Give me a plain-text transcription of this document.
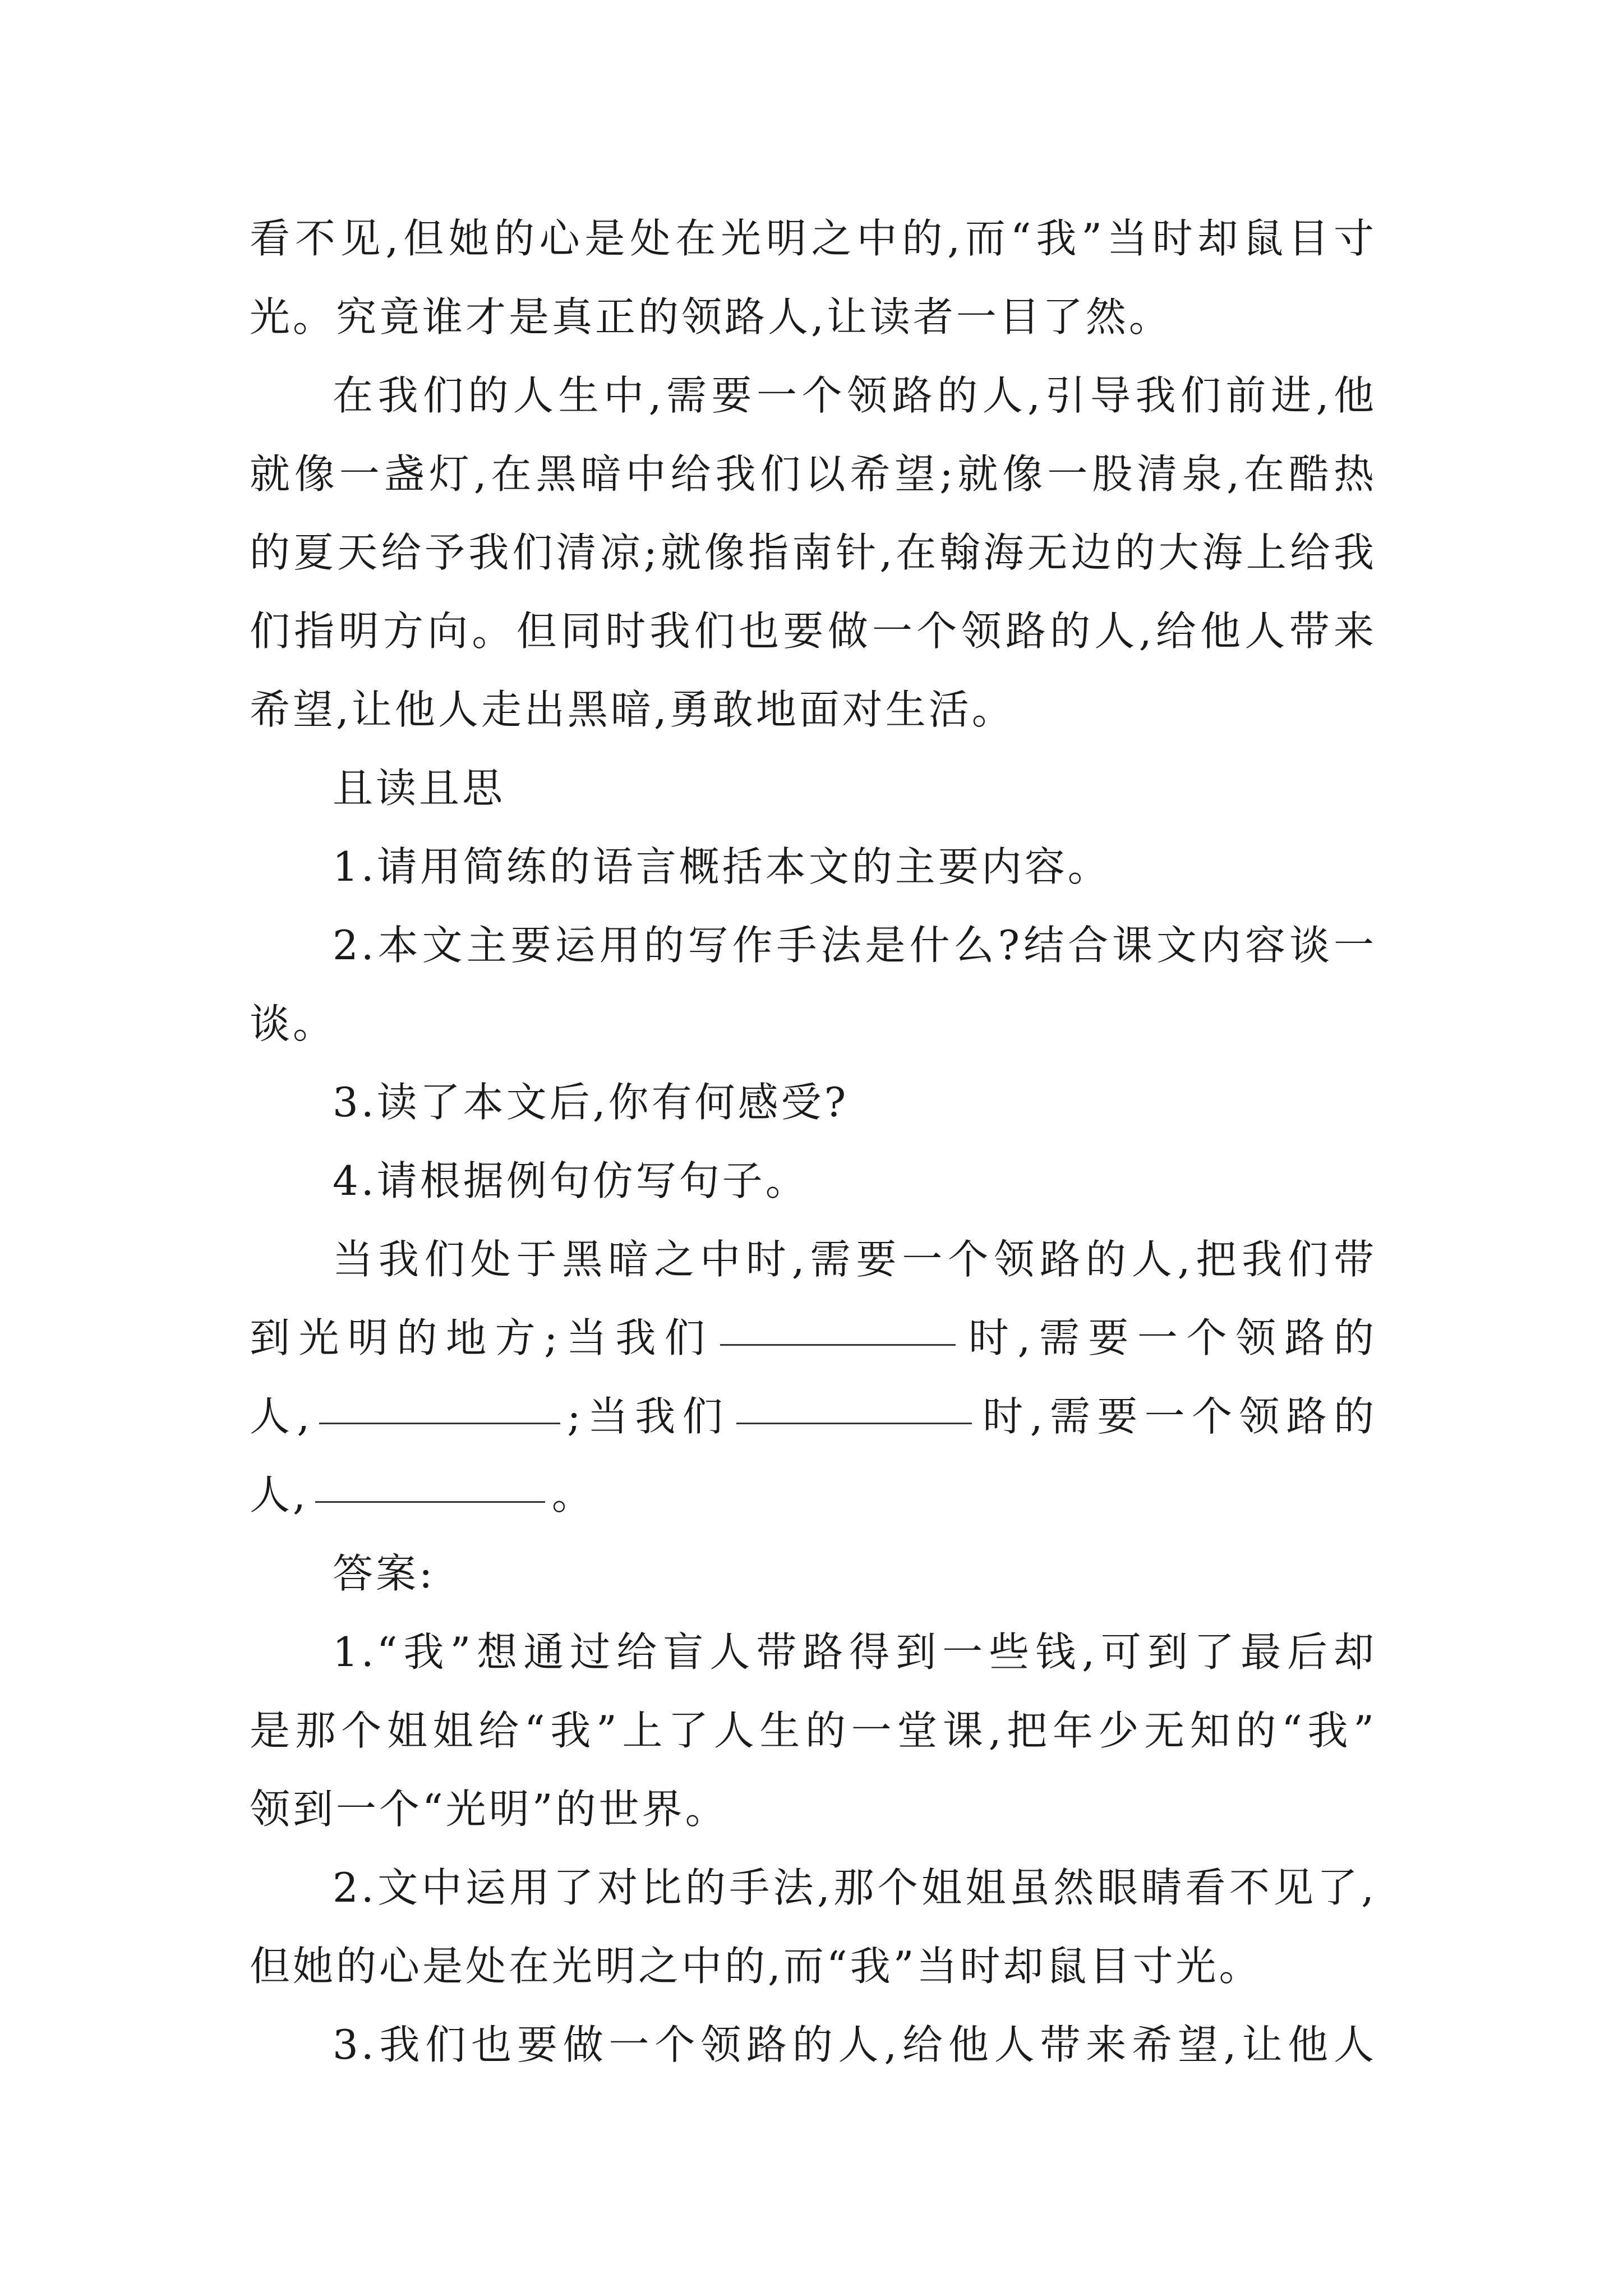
看不见,但她的心是处在光明之中的,而“我”当时却鼠目寸
光。究竟谁才是真正的领路人,让读者一目了然。
在我们的人生中,需要一个领路的人,引导我们前进,他
就像一盏灯,在黑暗中给我们以希望;就像一股清泉,在酷热
的夏天给予我们清凉;就像指南针,在翰海无边的大海上给我
们指明方向。但同时我们也要做一个领路的人,给他人带来
希望,让他人走出黑暗,勇敢地面对生活。
且读且思
1.请用简练的语言概括本文的主要内容。
2.本文主要运用的写作手法是什么?结合课文内容谈一
谈。
3.读了本文后,你有何感受?
4.请根据例句仿写句子。
当我们处于黑暗之中时,需要一个领路的人,把我们带
到光明的地方;当我们	时,需要一个领路的
人,	;当我们	时,需要一个领路的
人,	。
答案:
1.“我”想通过给盲人带路得到一些钱,可到了最后却
是那个姐姐给“我”上了人生的一堂课,把年少无知的“我”
领到一个“光明”的世界。
2.文中运用了对比的手法,那个姐姐虽然眼睛看不见了,
但她的心是处在光明之中的,而“我”当时却鼠目寸光。
3.我们也要做一个领路的人,给他人带来希望,让他人
